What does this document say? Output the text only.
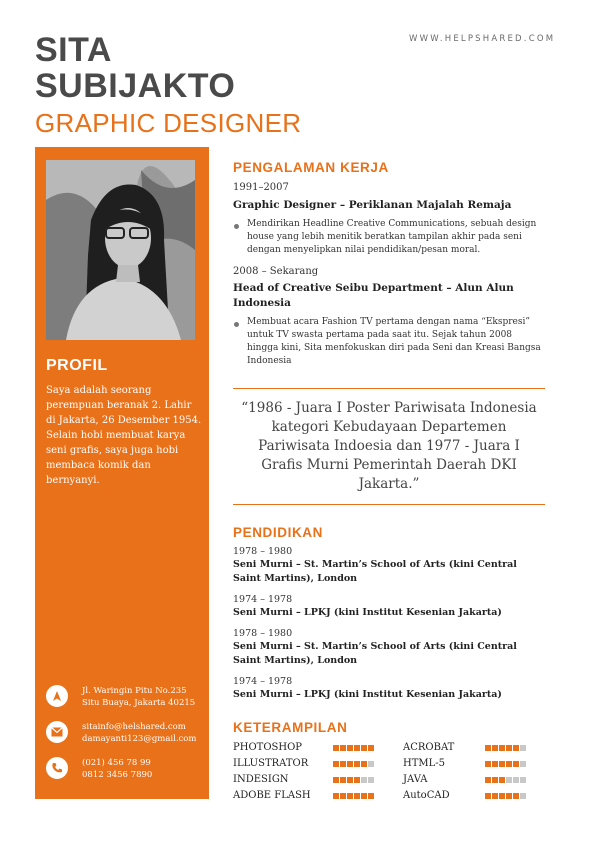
WWW.HELPSHARED.COM
SITA
SUBIJAKTO
GRAPHIC DESIGNER
PROFIL
Saya adalah seorang perempuan beranak 2. Lahir di Jakarta, 26 Desember 1954. Selain hobi membuat karya seni grafis, saya juga hobi membaca komik dan bernyanyi.
Jl. Waringin Pitu No.235
Situ Buaya, Jakarta 40215
sitainfo@helshared.com
damayanti123@gmail.com
(021) 456 78 99
0812 3456 7890
PENGALAMAN KERJA
1991–2007
Graphic Designer – Periklanan Majalah Remaja
Mendirikan Headline Creative Communications, sebuah design house yang lebih menitik beratkan tampilan akhir pada seni dengan menyelipkan nilai pendidikan/pesan moral.
2008 – Sekarang
Head of Creative Seibu Department – Alun Alun Indonesia
Membuat acara Fashion TV pertama dengan nama “Ekspresi” untuk TV swasta pertama pada saat itu. Sejak tahun 2008 hingga kini, Sita menfokuskan diri pada Seni dan Kreasi Bangsa Indonesia
“1986 - Juara I Poster Pariwisata Indonesia kategori Kebudayaan Departemen Pariwisata Indoesia dan 1977 - Juara I Grafis Murni Pemerintah Daerah DKI Jakarta.”
PENDIDIKAN
1978 – 1980
Seni Murni – St. Martin’s School of Arts (kini Central Saint Martins), London
1974 – 1978
Seni Murni – LPKJ (kini Institut Kesenian Jakarta)
1978 – 1980
Seni Murni – St. Martin’s School of Arts (kini Central Saint Martins), London
1974 – 1978
Seni Murni – LPKJ (kini Institut Kesenian Jakarta)
KETERAMPILAN
PHOTOSHOP	ACROBAT
ILLUSTRATOR	HTML-5
INDESIGN	JAVA
ADOBE FLASH	AutoCAD
